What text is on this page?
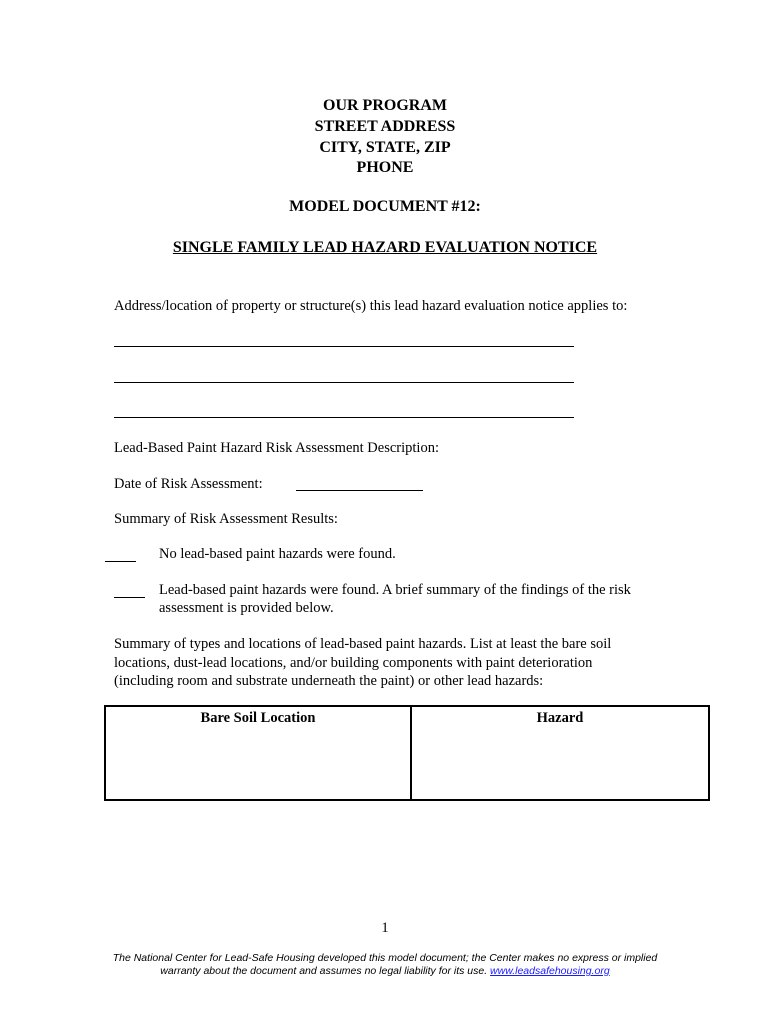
OUR PROGRAM
STREET ADDRESS
CITY, STATE, ZIP
PHONE
MODEL DOCUMENT #12:
SINGLE FAMILY LEAD HAZARD EVALUATION NOTICE
Address/location of property or structure(s) this lead hazard evaluation notice applies to:
Lead-Based Paint Hazard Risk Assessment Description:
Date of Risk Assessment:
Summary of Risk Assessment Results:
No lead-based paint hazards were found.
Lead-based paint hazards were found. A brief summary of the findings of the risk
assessment is provided below.
Summary of types and locations of lead-based paint hazards. List at least the bare soil
locations, dust-lead locations, and/or building components with paint deterioration
(including room and substrate underneath the paint) or other lead hazards:
Bare Soil Location	Hazard
1
The National Center for Lead-Safe Housing developed this model document; the Center makes no express or implied
warranty about the document and assumes no legal liability for its use. www.leadsafehousing.org
